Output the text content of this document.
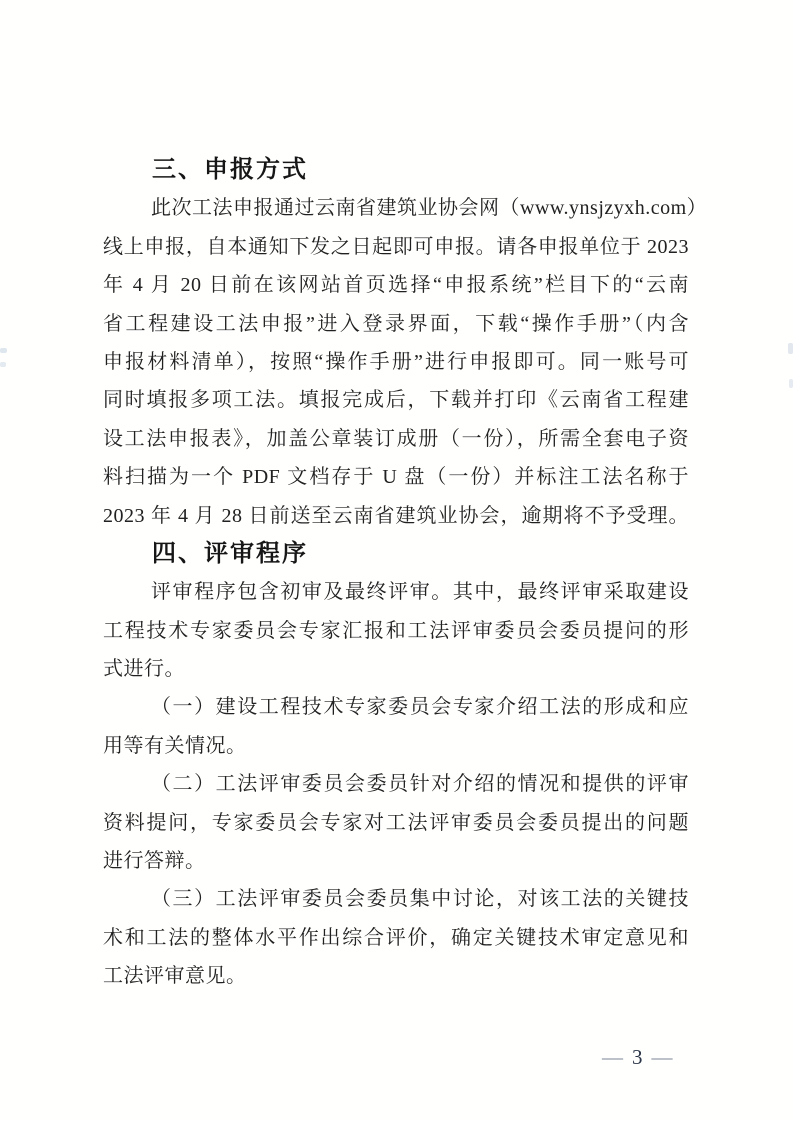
三、申报方式
此次工法申报通过云南省建筑业协会网（www.ynsjzyxh.com）
线上申报，自本通知下发之日起即可申报。请各申报单位于 2023
年 4 月 20 日前在该网站首页选择“申报系统”栏目下的“云南
省工程建设工法申报”进入登录界面，下载“操作手册”（内含
申报材料清单），按照“操作手册”进行申报即可。同一账号可
同时填报多项工法。填报完成后，下载并打印《云南省工程建
设工法申报表》，加盖公章装订成册（一份），所需全套电子资
料扫描为一个 PDF 文档存于 U 盘（一份）并标注工法名称于
2023 年 4 月 28 日前送至云南省建筑业协会，逾期将不予受理。
四、评审程序
评审程序包含初审及最终评审。其中，最终评审采取建设
工程技术专家委员会专家汇报和工法评审委员会委员提问的形
式进行。
（一）建设工程技术专家委员会专家介绍工法的形成和应
用等有关情况。
（二）工法评审委员会委员针对介绍的情况和提供的评审
资料提问，专家委员会专家对工法评审委员会委员提出的问题
进行答辩。
（三）工法评审委员会委员集中讨论，对该工法的关键技
术和工法的整体水平作出综合评价，确定关键技术审定意见和
工法评审意见。
— 3 —
